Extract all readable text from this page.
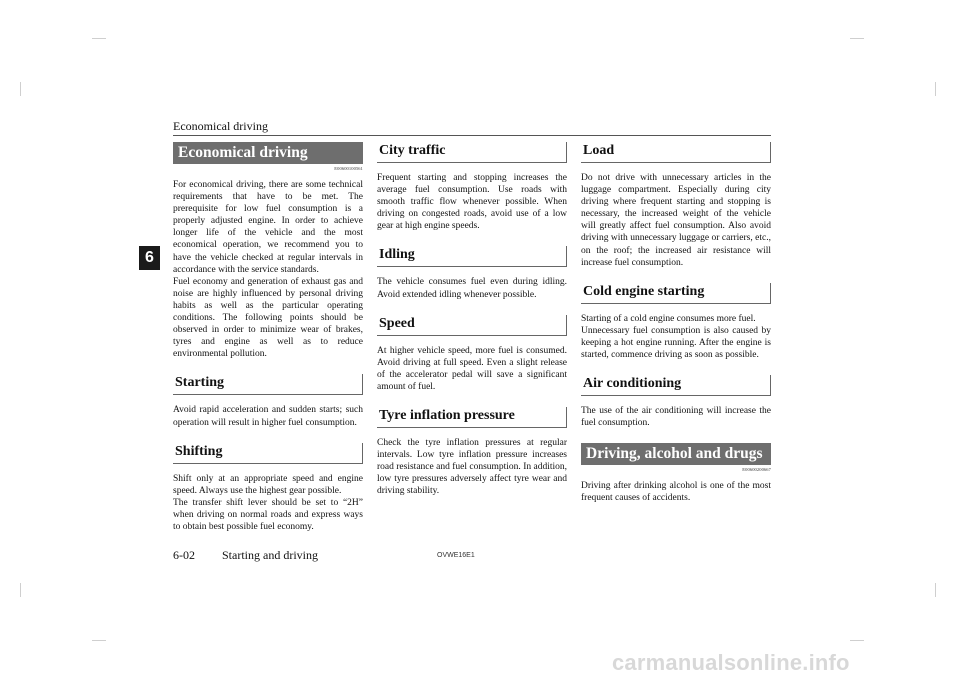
Economical driving
6
Economical driving
E00600100561

For economical driving, there are some technical requirements that have to be met. The prerequisite for low fuel consumption is a properly adjusted engine. In order to achieve longer life of the vehicle and the most economical operation, we recommend you to have the vehicle checked at regular intervals in accordance with the service standards.

Fuel economy and generation of exhaust gas and noise are highly influenced by personal driving habits as well as the particular operating conditions. The following points should be observed in order to minimize wear of brakes, tyres and engine as well as to reduce environmental pollution.

Starting

Avoid rapid acceleration and sudden starts; such operation will result in higher fuel consumption.

Shifting

Shift only at an appropriate speed and engine speed. Always use the highest gear possible.

The transfer shift lever should be set to “2H” when driving on normal roads and express ways to obtain best possible fuel economy.

City traffic

Frequent starting and stopping increases the average fuel consumption. Use roads with smooth traffic flow whenever possible. When driving on congested roads, avoid use of a low gear at high engine speeds.

Idling

The vehicle consumes fuel even during idling. Avoid extended idling whenever possible.

Speed

At higher vehicle speed, more fuel is consumed. Avoid driving at full speed. Even a slight release of the accelerator pedal will save a significant amount of fuel.

Tyre inflation pressure

Check the tyre inflation pressures at regular intervals. Low tyre inflation pressure increases road resistance and fuel consumption. In addition, low tyre pressures adversely affect tyre wear and driving stability.

Load

Do not drive with unnecessary articles in the luggage compartment. Especially during city driving where frequent starting and stopping is necessary, the increased weight of the vehicle will greatly affect fuel consumption. Also avoid driving with unnecessary luggage or carriers, etc., on the roof; the increased air resistance will increase fuel consumption.

Cold engine starting

Starting of a cold engine consumes more fuel.

Unnecessary fuel consumption is also caused by keeping a hot engine running. After the engine is started, commence driving as soon as possible.

Air conditioning

The use of the air conditioning will increase the fuel consumption.

Driving, alcohol and drugs
E00600200667

Driving after drinking alcohol is one of the most frequent causes of accidents.

6-02 Starting and driving	OVWE16E1
carmanualsonline.info
